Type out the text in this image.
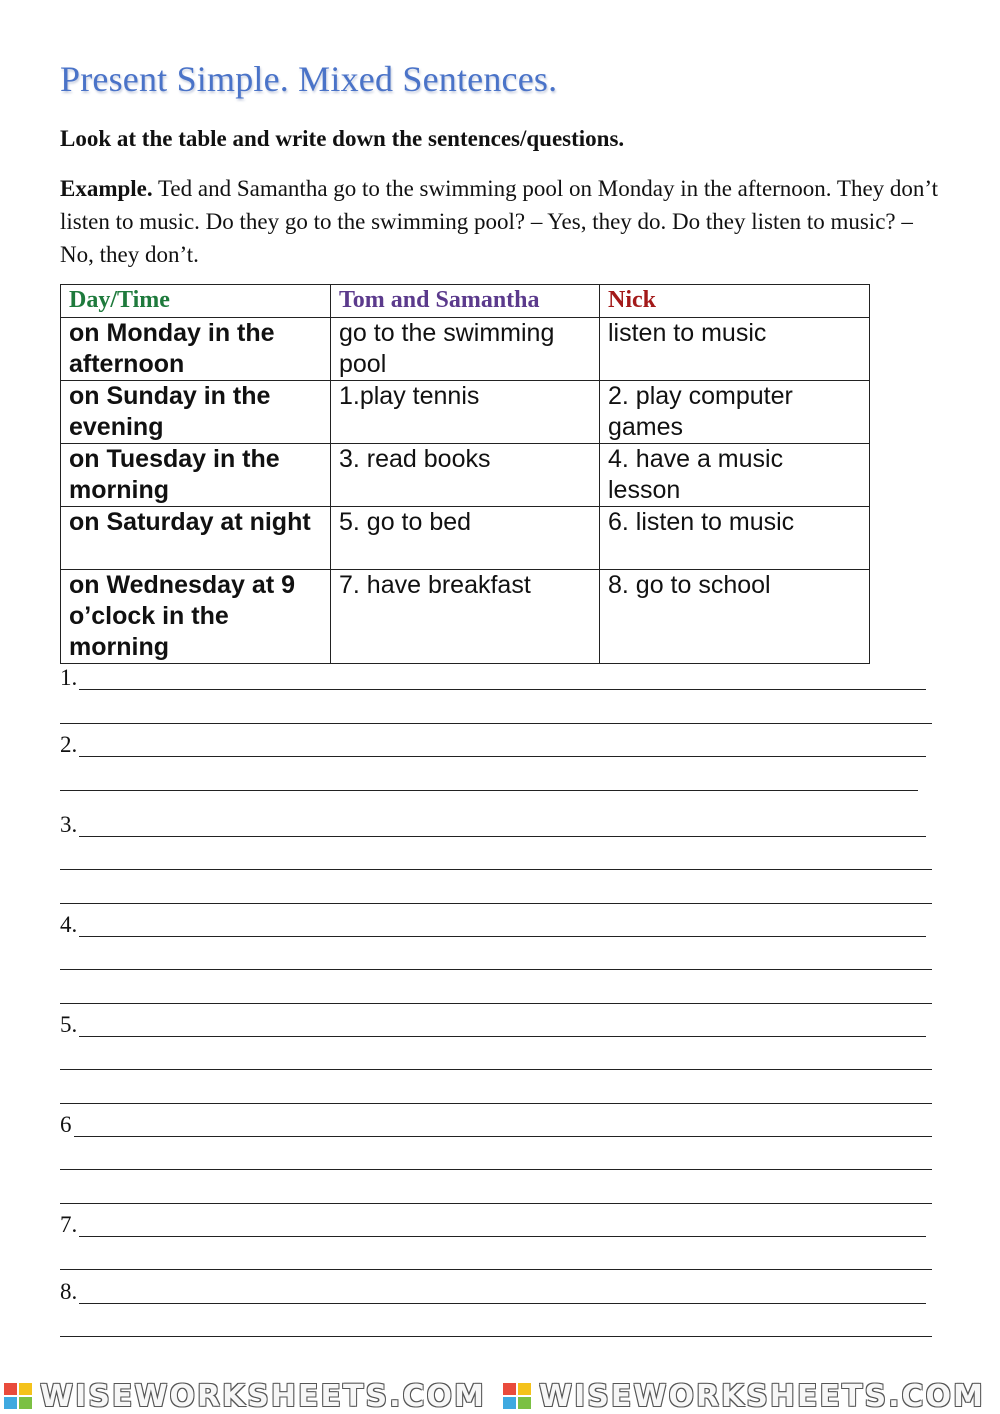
Present Simple. Mixed Sentences.
Look at the table and write down the sentences/questions.
Example. Ted and Samantha go to the swimming pool on Monday in the afternoon. They don’t listen to music. Do they go to the swimming pool? – Yes, they do. Do they listen to music? – No, they don’t.
Day/Time	Tom and Samantha	Nick
on Monday in the afternoon	go to the swimming pool	listen to music
on Sunday in the evening	1.play tennis	2. play computer games
on Tuesday in the morning	3. read books	4. have a music lesson
on Saturday at night	5. go to bed	6. listen to music
on Wednesday at 9 o’clock in the morning	7. have breakfast	8. go to school
1.
2.
3.
4.
5.
6
7.
8.
WISEWORKSHEETS.COM WISEWORKSHEETS.COM
